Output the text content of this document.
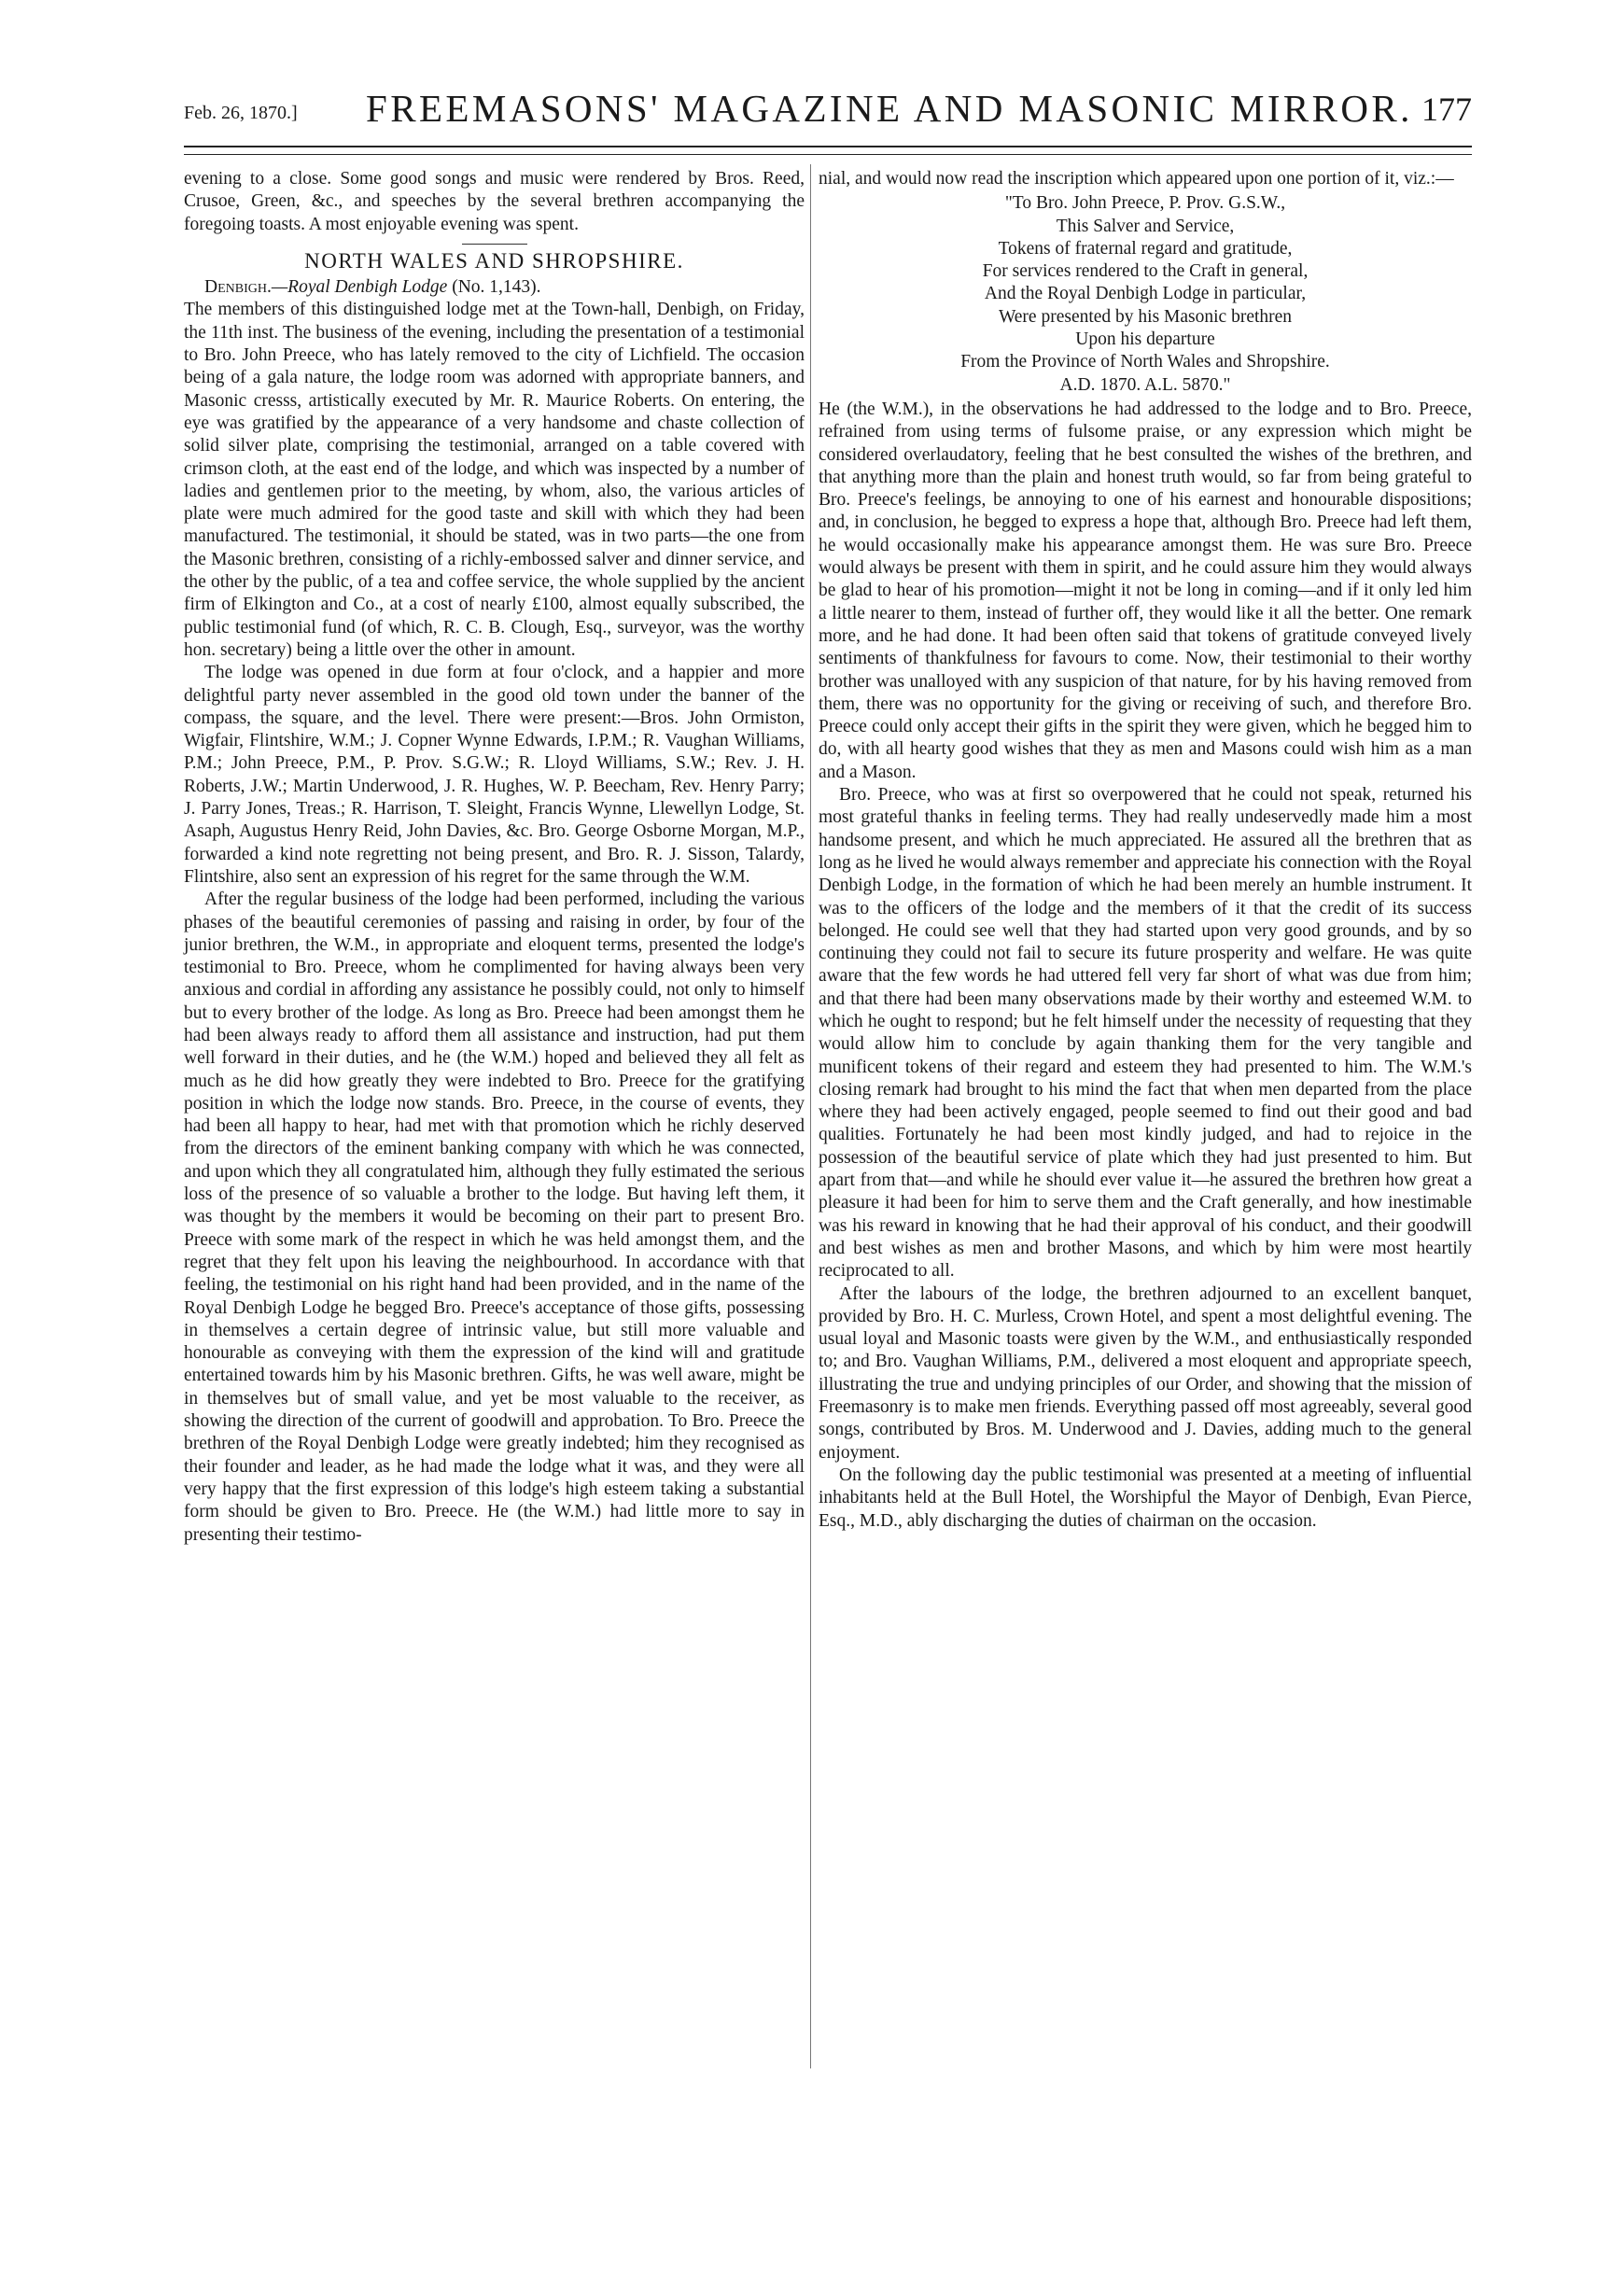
Feb. 26, 1870.] FREEMASONS' MAGAZINE AND MASONIC MIRROR. 177

evening to a close. Some good songs and music were rendered by Bros. Reed, Crusoe, Green, &c., and speeches by the several brethren accompanying the foregoing toasts. A most enjoyable evening was spent.

NORTH WALES AND SHROPSHIRE.

Denbigh.—Royal Denbigh Lodge (No. 1,143).

The members of this distinguished lodge met at the Town-hall, Denbigh, on Friday, the 11th inst. The business of the evening, including the presentation of a testimonial to Bro. John Preece, who has lately removed to the city of Lichfield. The occasion being of a gala nature, the lodge room was adorned with appropriate banners, and Masonic cresss, artistically executed by Mr. R. Maurice Roberts. On entering, the eye was gratified by the appearance of a very handsome and chaste collection of solid silver plate, comprising the testimonial, arranged on a table covered with crimson cloth, at the east end of the lodge, and which was inspected by a number of ladies and gentlemen prior to the meeting, by whom, also, the various articles of plate were much admired for the good taste and skill with which they had been manufactured. The testimonial, it should be stated, was in two parts—the one from the Masonic brethren, consisting of a richly-embossed salver and dinner service, and the other by the public, of a tea and coffee service, the whole supplied by the ancient firm of Elkington and Co., at a cost of nearly £100, almost equally subscribed, the public testimonial fund (of which, R. C. B. Clough, Esq., surveyor, was the worthy hon. secretary) being a little over the other in amount.

The lodge was opened in due form at four o'clock, and a happier and more delightful party never assembled in the good old town under the banner of the compass, the square, and the level. There were present:—Bros. John Ormiston, Wigfair, Flintshire, W.M.; J. Copner Wynne Edwards, I.P.M.; R. Vaughan Williams, P.M.; John Preece, P.M., P. Prov. S.G.W.; R. Lloyd Williams, S.W.; Rev. J. H. Roberts, J.W.; Martin Underwood, J. R. Hughes, W. P. Beecham, Rev. Henry Parry; J. Parry Jones, Treas.; R. Harrison, T. Sleight, Francis Wynne, Llewellyn Lodge, St. Asaph, Augustus Henry Reid, John Davies, &c. Bro. George Osborne Morgan, M.P., forwarded a kind note regretting not being present, and Bro. R. J. Sisson, Talardy, Flintshire, also sent an expression of his regret for the same through the W.M.

After the regular business of the lodge had been performed, including the various phases of the beautiful ceremonies of passing and raising in order, by four of the junior brethren, the W.M., in appropriate and eloquent terms, presented the lodge's testimonial to Bro. Preece, whom he complimented for having always been very anxious and cordial in affording any assistance he possibly could, not only to himself but to every brother of the lodge. As long as Bro. Preece had been amongst them he had been always ready to afford them all assistance and instruction, had put them well forward in their duties, and he (the W.M.) hoped and believed they all felt as much as he did how greatly they were indebted to Bro. Preece for the gratifying position in which the lodge now stands. Bro. Preece, in the course of events, they had been all happy to hear, had met with that promotion which he richly deserved from the directors of the eminent banking company with which he was connected, and upon which they all congratulated him, although they fully estimated the serious loss of the presence of so valuable a brother to the lodge. But having left them, it was thought by the members it would be becoming on their part to present Bro. Preece with some mark of the respect in which he was held amongst them, and the regret that they felt upon his leaving the neighbourhood. In accordance with that feeling, the testimonial on his right hand had been provided, and in the name of the Royal Denbigh Lodge he begged Bro. Preece's acceptance of those gifts, possessing in themselves a certain degree of intrinsic value, but still more valuable and honourable as conveying with them the expression of the kind will and gratitude entertained towards him by his Masonic brethren. Gifts, he was well aware, might be in themselves but of small value, and yet be most valuable to the receiver, as showing the direction of the current of goodwill and approbation. To Bro. Preece the brethren of the Royal Denbigh Lodge were greatly indebted; him they recognised as their founder and leader, as he had made the lodge what it was, and they were all very happy that the first expression of this lodge's high esteem taking a substantial form should be given to Bro. Preece. He (the W.M.) had little more to say in presenting their testimo-

nial, and would now read the inscription which appeared upon one portion of it, viz.:—

"To Bro. John Preece, P. Prov. G.S.W.,
This Salver and Service,
Tokens of fraternal regard and gratitude,
For services rendered to the Craft in general,
And the Royal Denbigh Lodge in particular,
Were presented by his Masonic brethren
Upon his departure
From the Province of North Wales and Shropshire.
A.D. 1870. A.L. 5870."

He (the W.M.), in the observations he had addressed to the lodge and to Bro. Preece, refrained from using terms of fulsome praise, or any expression which might be considered overlaudatory, feeling that he best consulted the wishes of the brethren, and that anything more than the plain and honest truth would, so far from being grateful to Bro. Preece's feelings, be annoying to one of his earnest and honourable dispositions; and, in conclusion, he begged to express a hope that, although Bro. Preece had left them, he would occasionally make his appearance amongst them. He was sure Bro. Preece would always be present with them in spirit, and he could assure him they would always be glad to hear of his promotion—might it not be long in coming—and if it only led him a little nearer to them, instead of further off, they would like it all the better. One remark more, and he had done. It had been often said that tokens of gratitude conveyed lively sentiments of thankfulness for favours to come. Now, their testimonial to their worthy brother was unalloyed with any suspicion of that nature, for by his having removed from them, there was no opportunity for the giving or receiving of such, and therefore Bro. Preece could only accept their gifts in the spirit they were given, which he begged him to do, with all hearty good wishes that they as men and Masons could wish him as a man and a Mason.

Bro. Preece, who was at first so overpowered that he could not speak, returned his most grateful thanks in feeling terms. They had really undeservedly made him a most handsome present, and which he much appreciated. He assured all the brethren that as long as he lived he would always remember and appreciate his connection with the Royal Denbigh Lodge, in the formation of which he had been merely an humble instrument. It was to the officers of the lodge and the members of it that the credit of its success belonged. He could see well that they had started upon very good grounds, and by so continuing they could not fail to secure its future prosperity and welfare. He was quite aware that the few words he had uttered fell very far short of what was due from him; and that there had been many observations made by their worthy and esteemed W.M. to which he ought to respond; but he felt himself under the necessity of requesting that they would allow him to conclude by again thanking them for the very tangible and munificent tokens of their regard and esteem they had presented to him. The W.M.'s closing remark had brought to his mind the fact that when men departed from the place where they had been actively engaged, people seemed to find out their good and bad qualities. Fortunately he had been most kindly judged, and had to rejoice in the possession of the beautiful service of plate which they had just presented to him. But apart from that—and while he should ever value it—he assured the brethren how great a pleasure it had been for him to serve them and the Craft generally, and how inestimable was his reward in knowing that he had their approval of his conduct, and their goodwill and best wishes as men and brother Masons, and which by him were most heartily reciprocated to all.

After the labours of the lodge, the brethren adjourned to an excellent banquet, provided by Bro. H. C. Murless, Crown Hotel, and spent a most delightful evening. The usual loyal and Masonic toasts were given by the W.M., and enthusiastically responded to; and Bro. Vaughan Williams, P.M., delivered a most eloquent and appropriate speech, illustrating the true and undying principles of our Order, and showing that the mission of Freemasonry is to make men friends. Everything passed off most agreeably, several good songs, contributed by Bros. M. Underwood and J. Davies, adding much to the general enjoyment.

On the following day the public testimonial was presented at a meeting of influential inhabitants held at the Bull Hotel, the Worshipful the Mayor of Denbigh, Evan Pierce, Esq., M.D., ably discharging the duties of chairman on the occasion.
